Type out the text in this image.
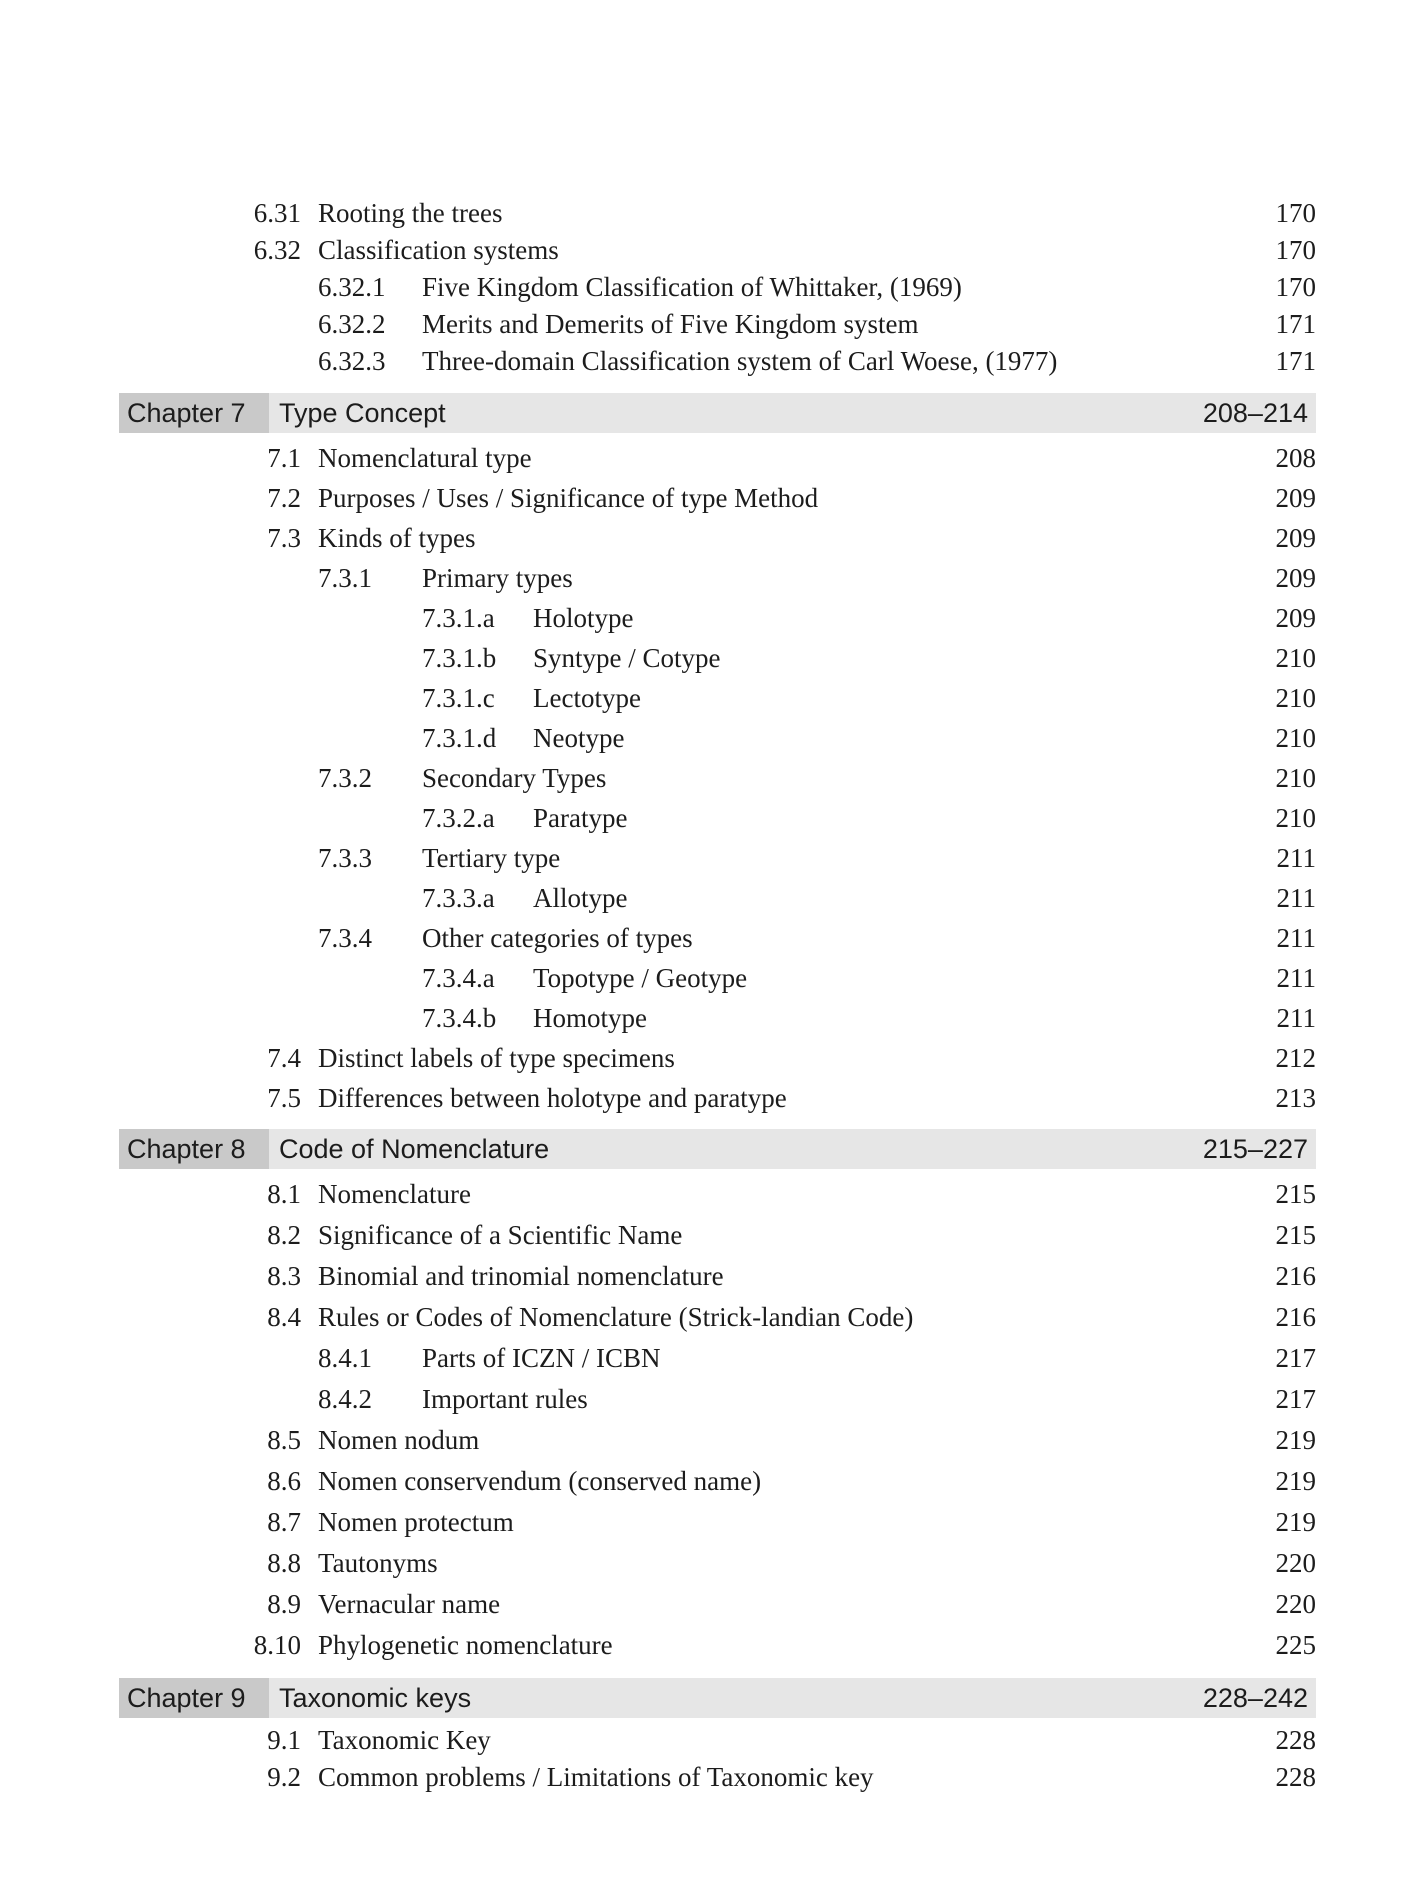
6.31 Rooting the trees	170
6.32 Classification systems	170
6.32.1 Five Kingdom Classification of Whittaker, (1969)	170
6.32.2 Merits and Demerits of Five Kingdom system	171
6.32.3 Three-domain Classification system of Carl Woese, (1977)	171
Chapter 7	Type Concept	208–214
7.1 Nomenclatural type	208
7.2 Purposes / Uses / Significance of type Method	209
7.3 Kinds of types	209
7.3.1 Primary types	209
7.3.1.a Holotype	209
7.3.1.b Syntype / Cotype	210
7.3.1.c Lectotype	210
7.3.1.d Neotype	210
7.3.2 Secondary Types	210
7.3.2.a Paratype	210
7.3.3 Tertiary type	211
7.3.3.a Allotype	211
7.3.4 Other categories of types	211
7.3.4.a Topotype / Geotype	211
7.3.4.b Homotype	211
7.4 Distinct labels of type specimens	212
7.5 Differences between holotype and paratype	213
Chapter 8	Code of Nomenclature	215–227
8.1 Nomenclature	215
8.2 Significance of a Scientific Name	215
8.3 Binomial and trinomial nomenclature	216
8.4 Rules or Codes of Nomenclature (Strick-landian Code)	216
8.4.1 Parts of ICZN / ICBN	217
8.4.2 Important rules	217
8.5 Nomen nodum	219
8.6 Nomen conservendum (conserved name)	219
8.7 Nomen protectum	219
8.8 Tautonyms	220
8.9 Vernacular name	220
8.10 Phylogenetic nomenclature	225
Chapter 9	Taxonomic keys	228–242
9.1 Taxonomic Key	228
9.2 Common problems / Limitations of Taxonomic key	228
